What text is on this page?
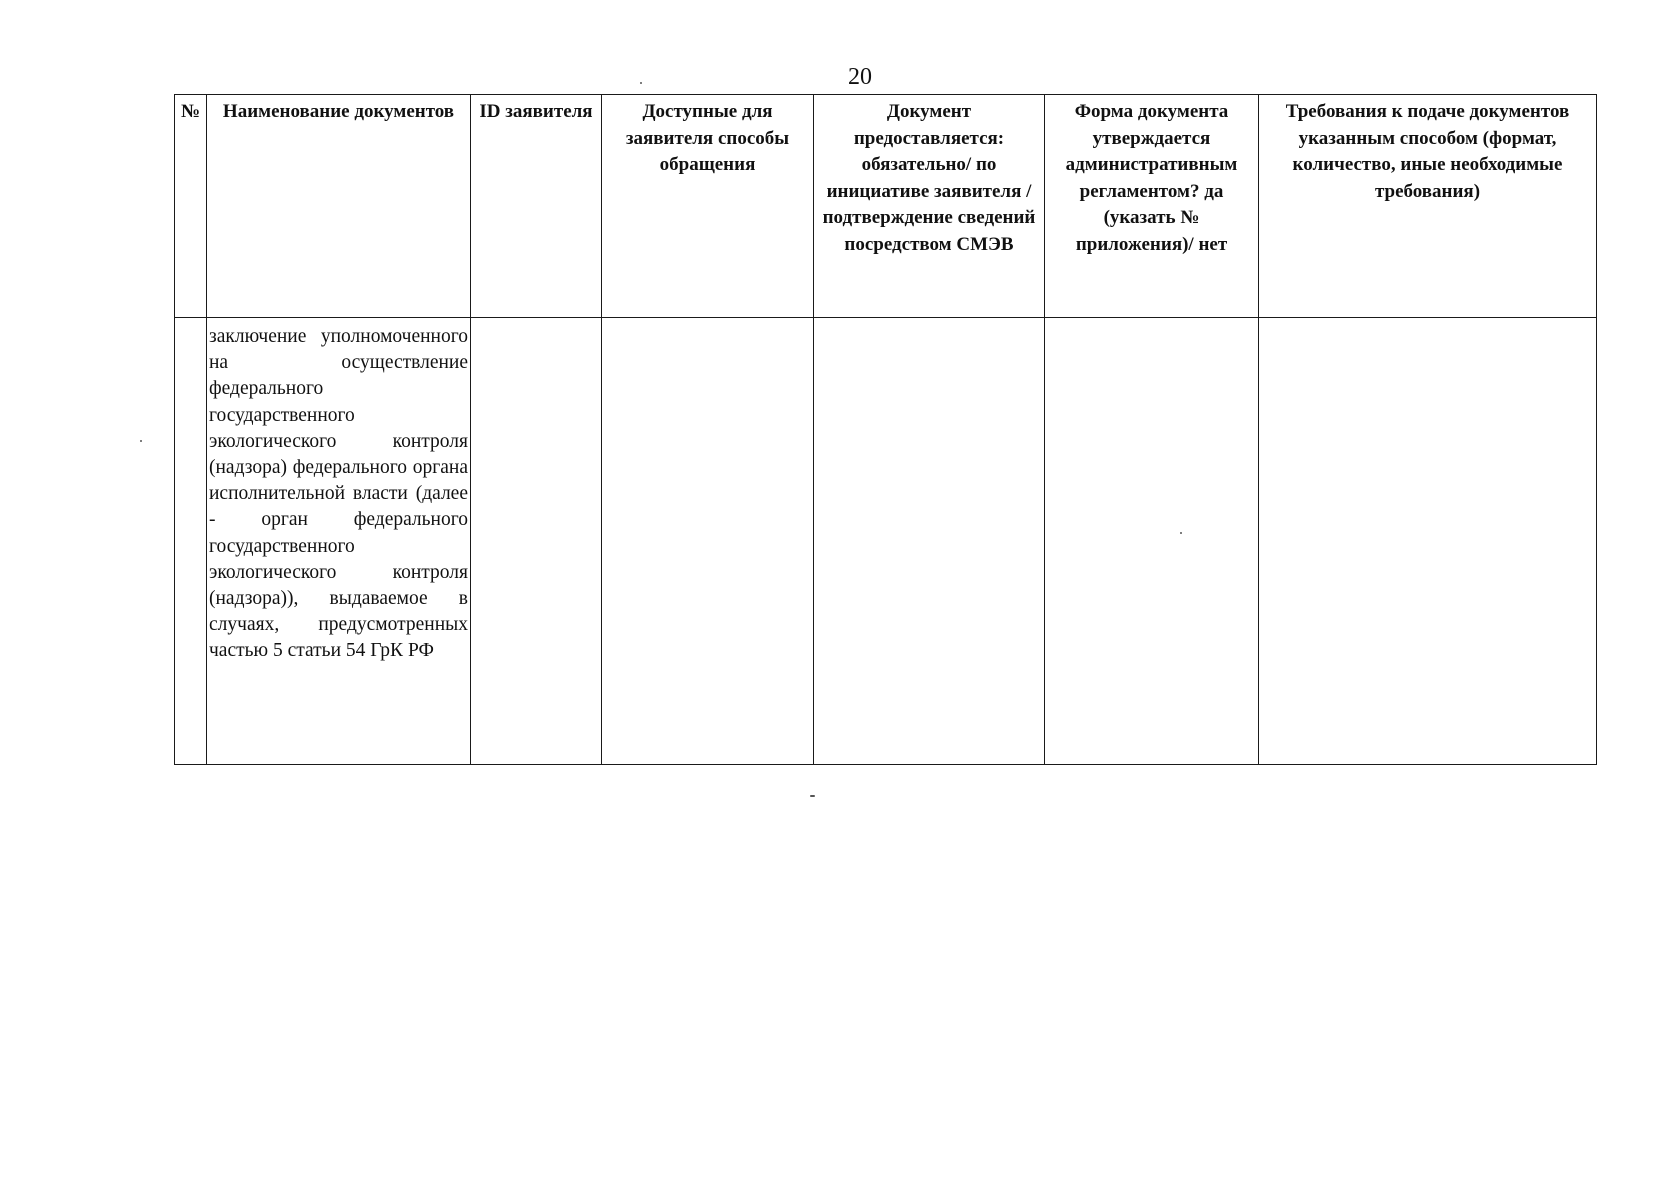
20
№	Наименование документов	ID заявителя	Доступные для заявителя способы обращения	Документ предоставляется: обязательно/ по инициативе заявителя /подтверждение сведений посредством СМЭВ	Форма документа утверждается административным регламентом? да (указать № приложения)/ нет	Требования к подаче документов указанным способом (формат, количество, иные необходимые требования)

	заключение уполномоченного на осуществление федерального государственного экологического контроля (надзора) федерального органа исполнительной власти (далее - орган федерального государственного экологического контроля (надзора)), выдаваемое в случаях, предусмотренных частью 5 статьи 54 ГрК РФ					
